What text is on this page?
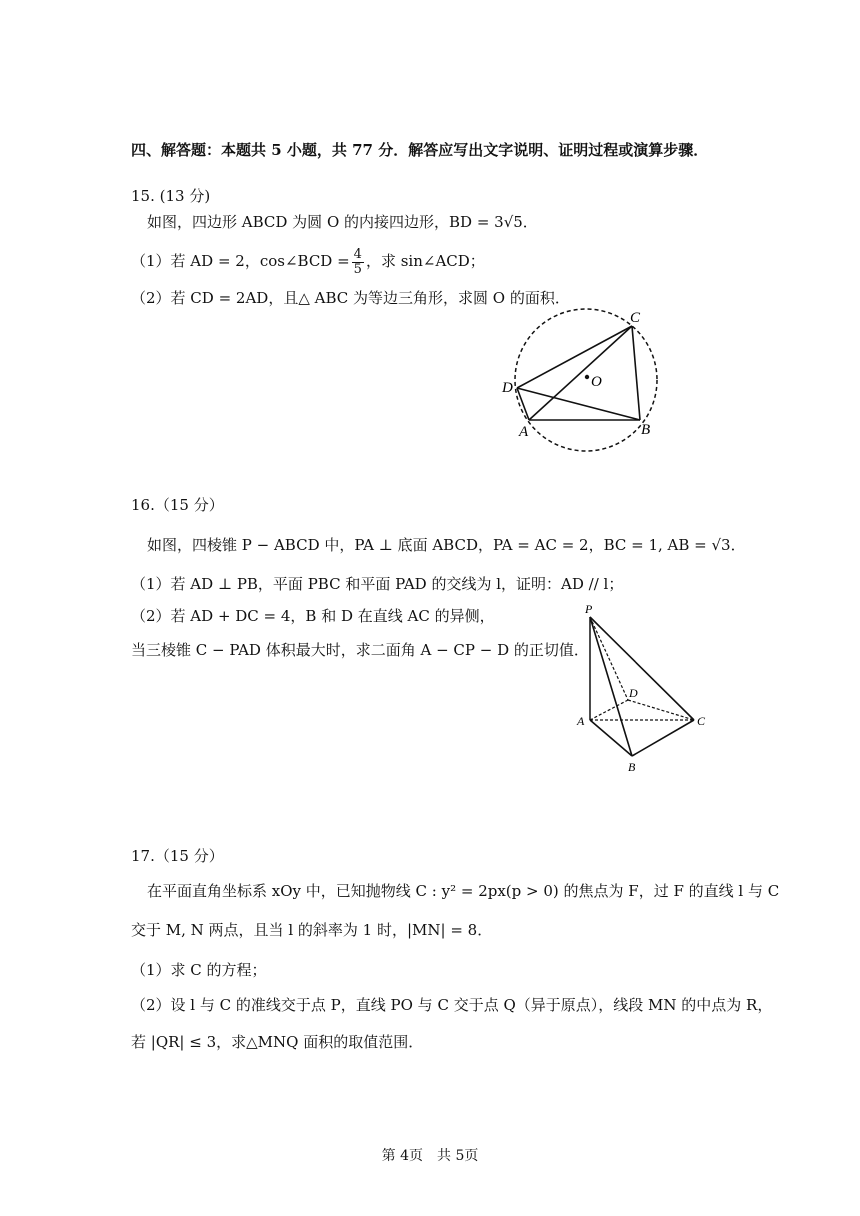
四、解答题：本题共 5 小题，共 77 分．解答应写出文字说明、证明过程或演算步骤．
15. (13 分)
如图，四边形 ABCD 为圆 O 的内接四边形，BD = 3√5．
（1）若 AD = 2，cos∠BCD = $\frac{4}{5}$ ，求 sin∠ACD；
（2）若 CD = 2AD，且△ ABC 为等边三角形，求圆 O 的面积．
C
O
D
A	B
16.（15 分）
如图，四棱锥 P − ABCD 中，PA ⊥ 底面 ABCD，PA = AC = 2，BC = 1, AB = √3．
（1）若 AD ⊥ PB，平面 PBC 和平面 PAD 的交线为 l，证明：AD // l；
（2）若 AD + DC = 4，B 和 D 在直线 AC 的异侧，
当三棱锥 C − PAD 体积最大时，求二面角 A − CP − D 的正切值．
P
D
A	C
B
17.（15 分）
在平面直角坐标系 xOy 中，已知抛物线 C : y² = 2px(p > 0) 的焦点为 F，过 F 的直线 l 与 C
交于 M, N 两点，且当 l 的斜率为 1 时，|MN| = 8．
（1）求 C 的方程；
（2）设 l 与 C 的准线交于点 P，直线 PO 与 C 交于点 Q（异于原点），线段 MN 的中点为 R，
若 |QR| ≤ 3，求△MNQ 面积的取值范围．
第 4页　共 5页
